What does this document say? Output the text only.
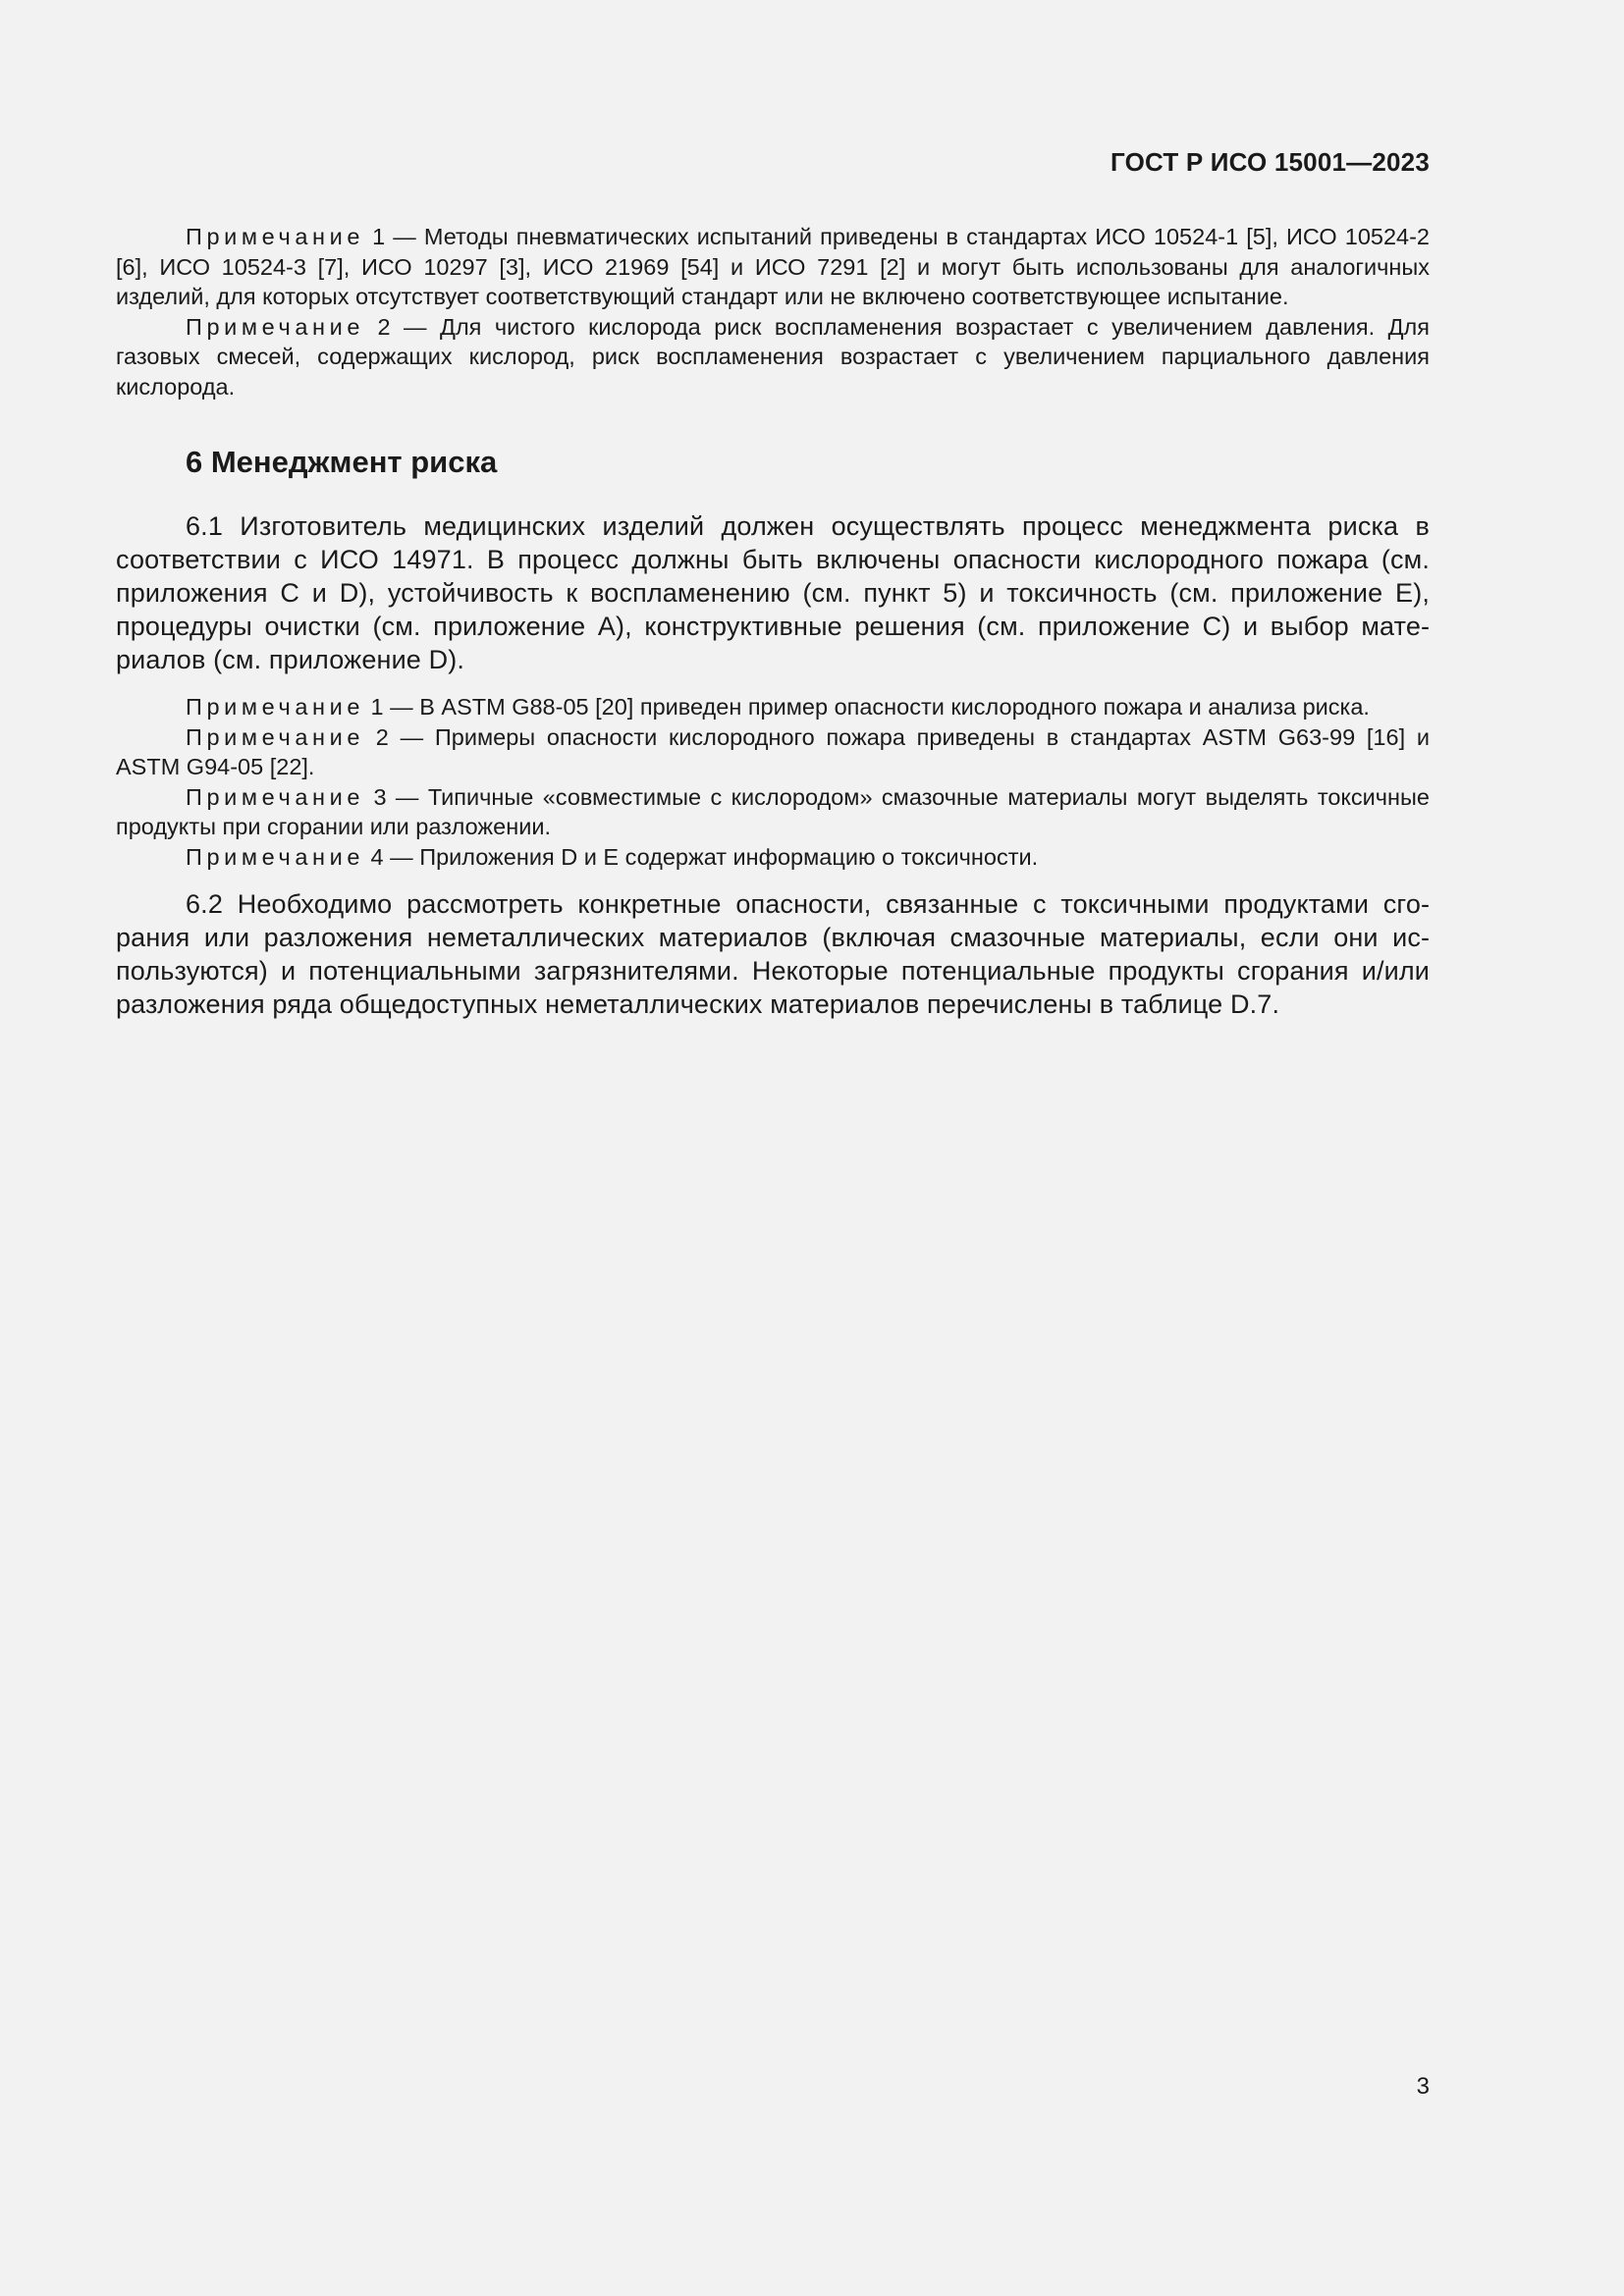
ГОСТ Р ИСО 15001—2023

Примечание 1 — Методы пневматических испытаний приведены в стандартах ИСО 10524-1 [5], ИСО 10524-2 [6], ИСО 10524-3 [7], ИСО 10297 [3], ИСО 21969 [54] и ИСО 7291 [2] и могут быть использованы для аналогичных изделий, для которых отсутствует соответствующий стандарт или не включено соответствующее испытание.

Примечание 2 — Для чистого кислорода риск воспламенения возрастает с увеличением давления. Для газовых смесей, содержащих кислород, риск воспламенения возрастает с увеличением парциального давления кислорода.

6 Менеджмент риска

6.1 Изготовитель медицинских изделий должен осуществлять процесс менеджмента риска в соответствии с ИСО 14971. В процесс должны быть включены опасности кислородного пожара (см. приложения С и D), устойчивость к воспламенению (см. пункт 5) и токсичность (см. приложение Е), процедуры очистки (см. приложение А), конструктивные решения (см. приложение С) и выбор материалов (см. приложение D).

Примечание 1 — В ASTM G88-05 [20] приведен пример опасности кислородного пожара и анализа риска.

Примечание 2 — Примеры опасности кислородного пожара приведены в стандартах ASTM G63-99 [16] и ASTM G94-05 [22].

Примечание 3 — Типичные «совместимые с кислородом» смазочные материалы могут выделять токсичные продукты при сгорании или разложении.

Примечание 4 — Приложения D и Е содержат информацию о токсичности.

6.2 Необходимо рассмотреть конкретные опасности, связанные с токсичными продуктами сгорания или разложения неметаллических материалов (включая смазочные материалы, если они используются) и потенциальными загрязнителями. Некоторые потенциальные продукты сгорания и/или разложения ряда общедоступных неметаллических материалов перечислены в таблице D.7.

3
